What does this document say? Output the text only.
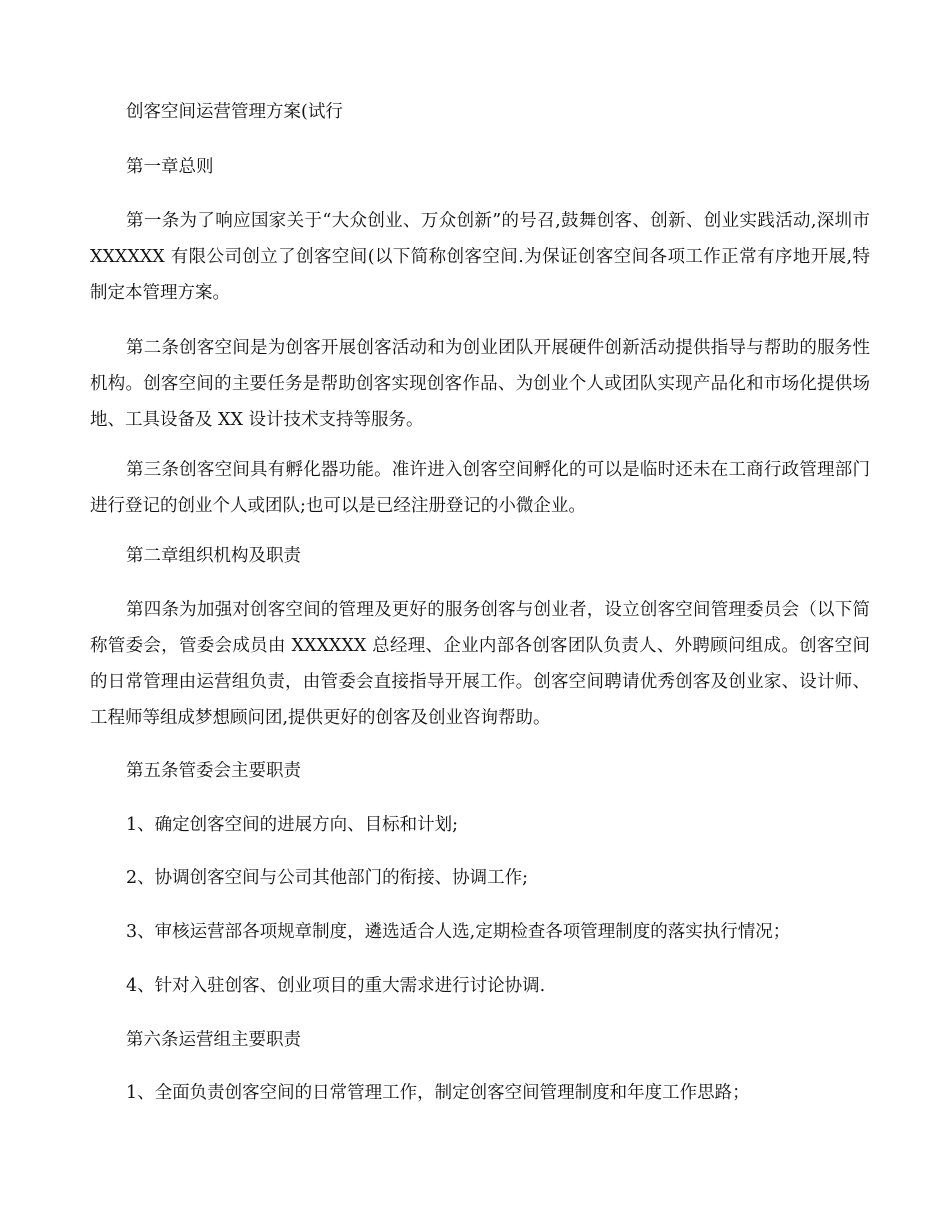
创客空间运营管理方案(试行

第一章总则

第一条为了响应国家关于“大众创业、万众创新”的号召,鼓舞创客、创新、创业实践活动,深圳市 XXXXXX 有限公司创立了创客空间(以下简称创客空间.为保证创客空间各项工作正常有序地开展,特制定本管理方案。

第二条创客空间是为创客开展创客活动和为创业团队开展硬件创新活动提供指导与帮助的服务性机构。创客空间的主要任务是帮助创客实现创客作品、为创业个人或团队实现产品化和市场化提供场地、工具设备及 XX 设计技术支持等服务。

第三条创客空间具有孵化器功能。准许进入创客空间孵化的可以是临时还未在工商行政管理部门进行登记的创业个人或团队;也可以是已经注册登记的小微企业。

第二章组织机构及职责

第四条为加强对创客空间的管理及更好的服务创客与创业者，设立创客空间管理委员会（以下简称管委会，管委会成员由 XXXXXX 总经理、企业内部各创客团队负责人、外聘顾问组成。创客空间的日常管理由运营组负责，由管委会直接指导开展工作。创客空间聘请优秀创客及创业家、设计师、工程师等组成梦想顾问团,提供更好的创客及创业咨询帮助。

第五条管委会主要职责

1、确定创客空间的进展方向、目标和计划;

2、协调创客空间与公司其他部门的衔接、协调工作;

3、审核运营部各项规章制度，遴选适合人选,定期检查各项管理制度的落实执行情况；

4、针对入驻创客、创业项目的重大需求进行讨论协调.

第六条运营组主要职责

1、全面负责创客空间的日常管理工作，制定创客空间管理制度和年度工作思路；
